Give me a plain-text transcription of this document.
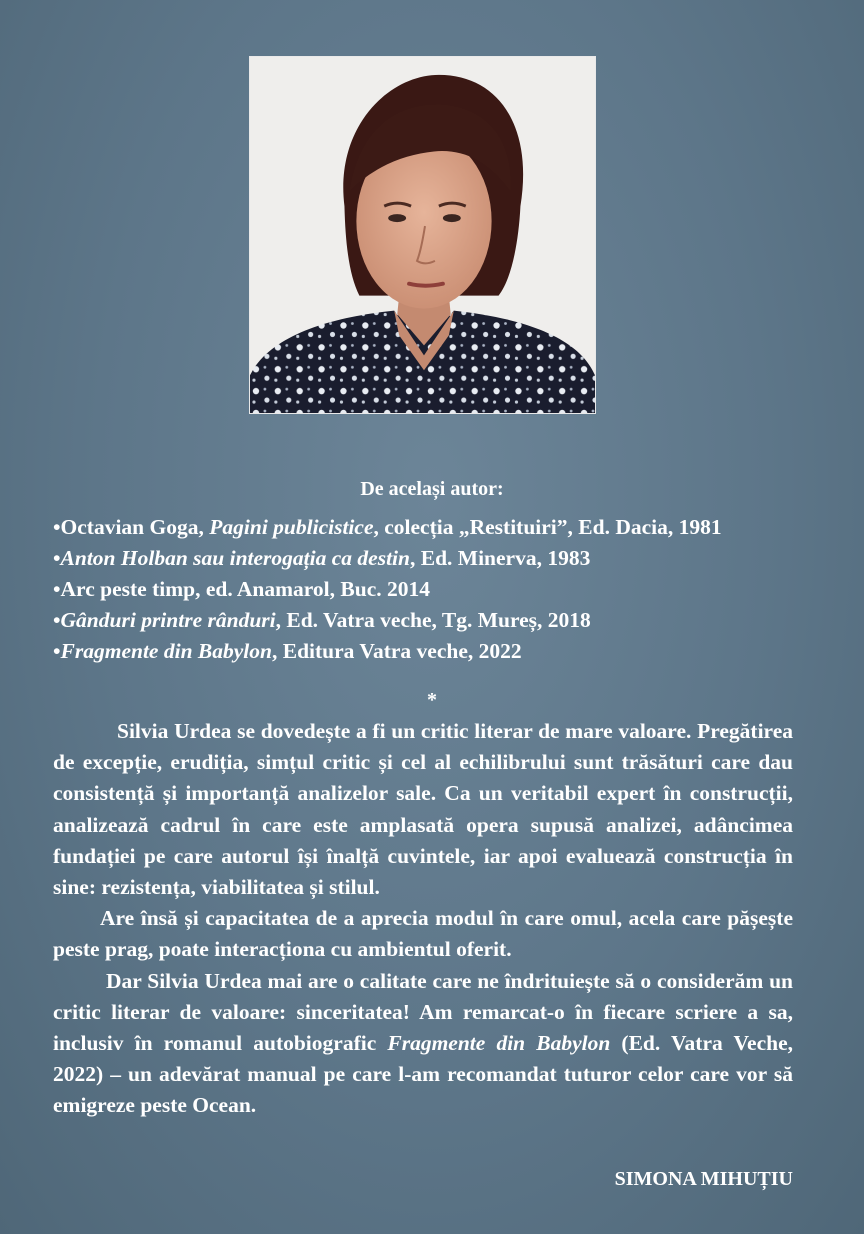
De același autor:

•Octavian Goga, Pagini publicistice, colecția „Restituiri”, Ed. Dacia, 1981

•Anton Holban sau interogația ca destin, Ed. Minerva, 1983

•Arc peste timp, ed. Anamarol, Buc. 2014

•Gânduri printre rânduri, Ed. Vatra veche, Tg. Mureș, 2018

•Fragmente din Babylon, Editura Vatra veche, 2022

*

Silvia Urdea se dovedește a fi un critic literar de mare valoare. Pregătirea de excepție, erudiția, simțul critic și cel al echilibrului sunt trăsături care dau consistență și importanță analizelor sale. Ca un veritabil expert în construcții, analizează cadrul în care este amplasată opera supusă analizei, adâncimea fundației pe care autorul își înalță cuvintele, iar apoi evaluează construcția în sine: rezistența, viabilitatea și stilul.

Are însă și capacitatea de a aprecia modul în care omul, acela care pășește peste prag, poate interacționa cu ambientul oferit.

Dar Silvia Urdea mai are o calitate care ne îndrituiește să o considerăm un critic literar de valoare: sinceritatea! Am remarcat-o în fiecare scriere a sa, inclusiv în romanul autobiografic Fragmente din Babylon (Ed. Vatra Veche, 2022) – un adevărat manual pe care l-am recomandat tuturor celor care vor să emigreze peste Ocean.

SIMONA MIHUȚIU
